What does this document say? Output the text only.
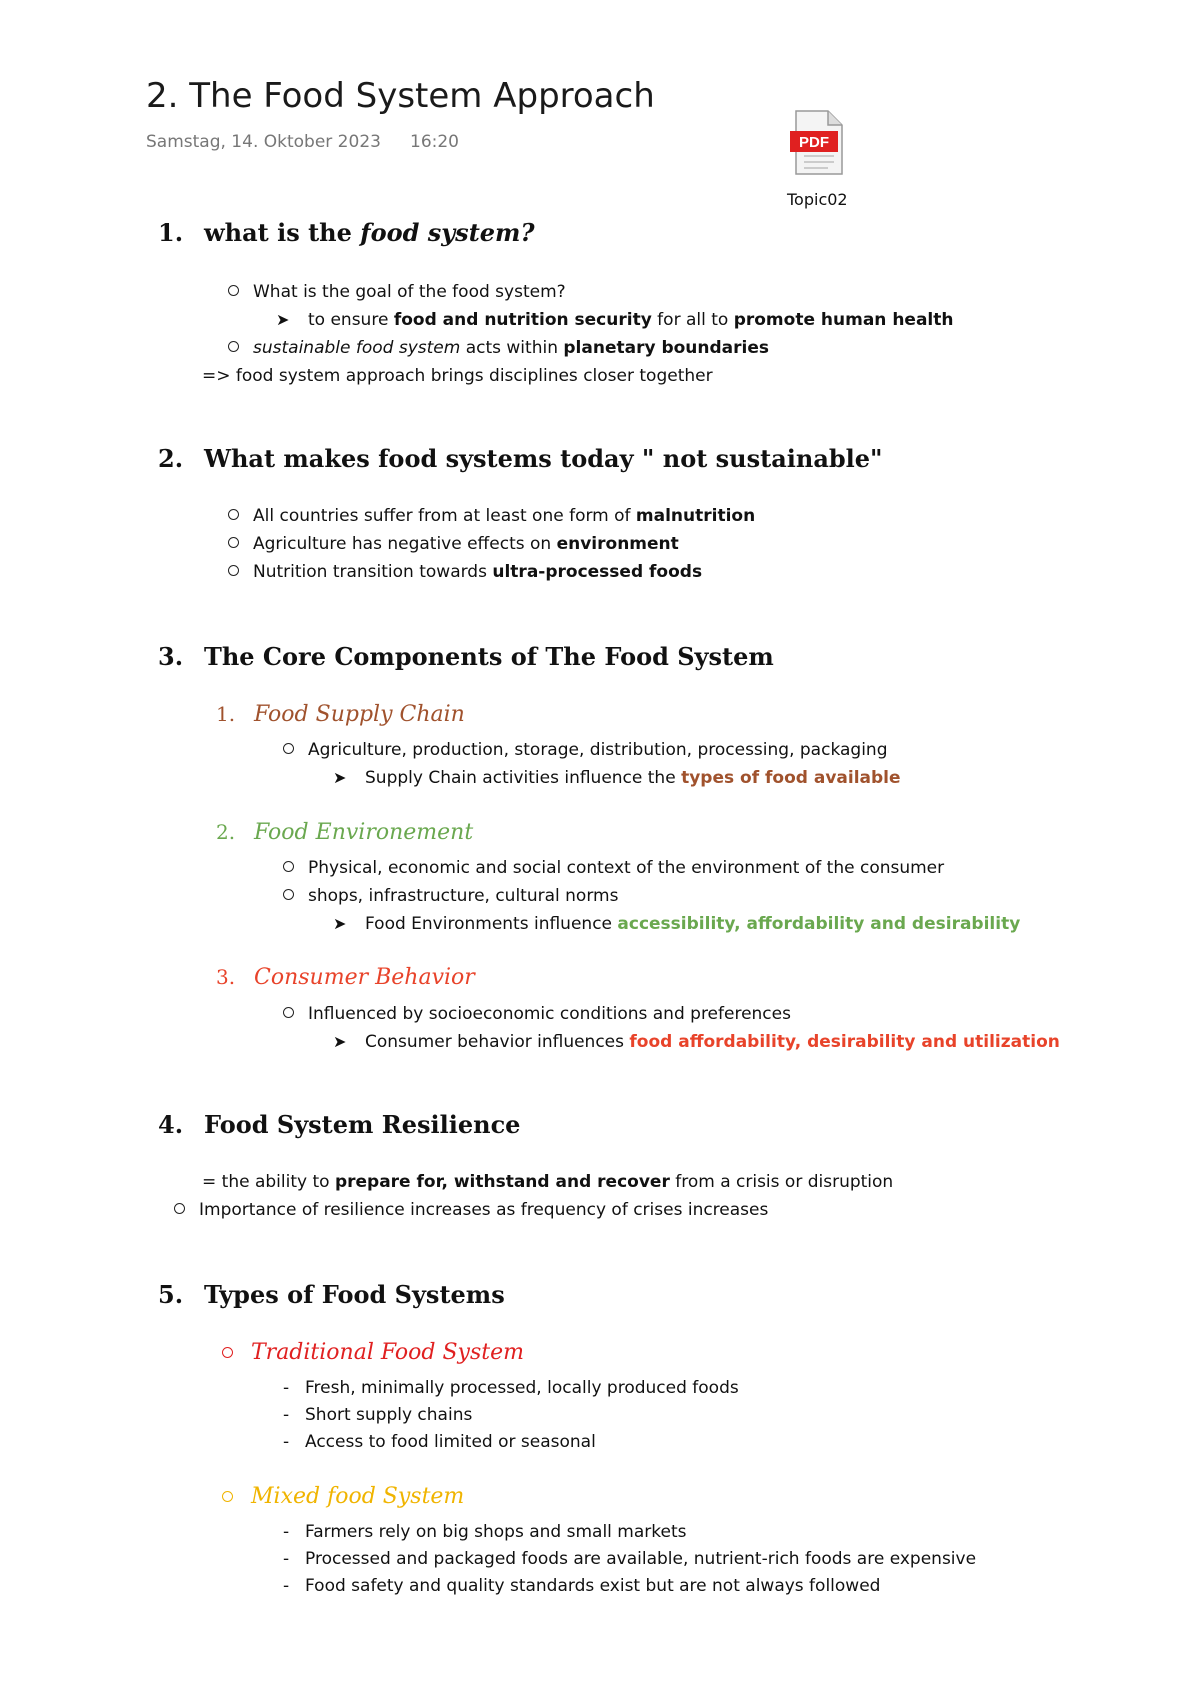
2. The Food System Approach
Samstag, 14. Oktober 2023 16:20	PDF
Topic02
1. what is the food system?
What is the goal of the food system?
➤ to ensure food and nutrition security for all to promote human health
sustainable food system acts within planetary boundaries
=> food system approach brings disciplines closer together
2. What makes food systems today " not sustainable"
All countries suffer from at least one form of malnutrition
Agriculture has negative effects on environment
Nutrition transition towards ultra-processed foods
3. The Core Components of The Food System
1. Food Supply Chain
Agriculture, production, storage, distribution, processing, packaging
➤ Supply Chain activities influence the types of food available
2. Food Environement
Physical, economic and social context of the environment of the consumer
shops, infrastructure, cultural norms
➤ Food Environments influence accessibility, affordability and desirability
3. Consumer Behavior
Influenced by socioeconomic conditions and preferences
➤ Consumer behavior influences food affordability, desirability and utilization
4. Food System Resilience
= the ability to prepare for, withstand and recover from a crisis or disruption
Importance of resilience increases as frequency of crises increases
5. Types of Food Systems
Traditional Food System
- Fresh, minimally processed, locally produced foods
- Short supply chains
- Access to food limited or seasonal
Mixed food System
- Farmers rely on big shops and small markets
- Processed and packaged foods are available, nutrient-rich foods are expensive
- Food safety and quality standards exist but are not always followed
